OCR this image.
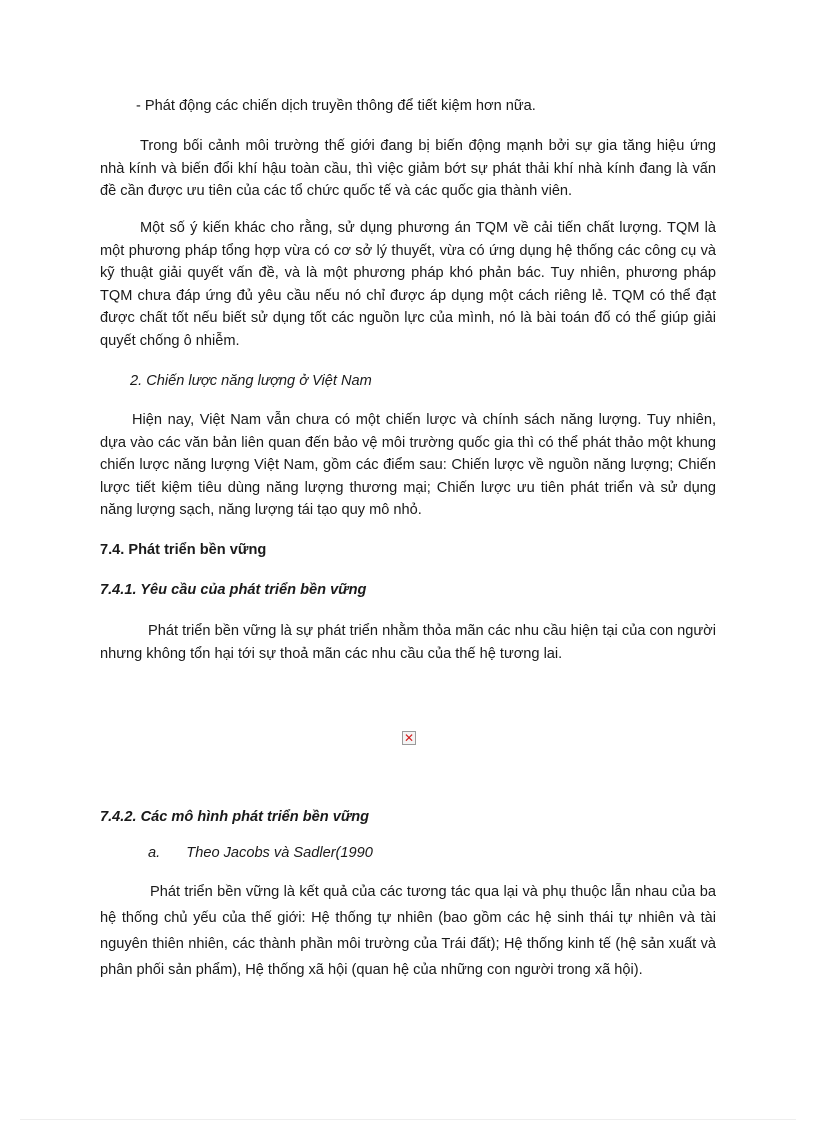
- Phát động các chiến dịch truyền thông để tiết kiệm hơn nữa.

Trong bối cảnh môi trường thế giới đang bị biến động mạnh bởi sự gia tăng hiệu ứng nhà kính và biến đổi khí hậu toàn cầu, thì việc giảm bớt sự phát thải khí nhà kính đang là vấn đề cần được ưu tiên của các tổ chức quốc tế và các quốc gia thành viên.

Một số ý kiến khác cho rằng, sử dụng phương án TQM về cải tiến chất lượng. TQM là một phương pháp tổng hợp vừa có cơ sở lý thuyết, vừa có ứng dụng hệ thống các công cụ và kỹ thuật giải quyết vấn đề, và là một phương pháp khó phản bác. Tuy nhiên, phương pháp TQM chưa đáp ứng đủ yêu cầu nếu nó chỉ được áp dụng một cách riêng lẻ. TQM có thể đạt được chất tốt nếu biết sử dụng tốt các nguồn lực của mình, nó là bài toán đố có thể giúp giải quyết chống ô nhiễm.

2. Chiến lược năng lượng ở Việt Nam

Hiện nay, Việt Nam vẫn chưa có một chiến lược và chính sách năng lượng. Tuy nhiên, dựa vào các văn bản liên quan đến bảo vệ môi trường quốc gia thì có thể phát thảo một khung chiến lược năng lượng Việt Nam, gồm các điểm sau: Chiến lược về nguồn năng lượng; Chiến lược tiết kiệm tiêu dùng năng lượng thương mại; Chiến lược ưu tiên phát triển và sử dụng năng lượng sạch, năng lượng tái tạo quy mô nhỏ.

7.4. Phát triển bền vững

7.4.1. Yêu cầu của phát triển bền vững

Phát triển bền vững là sự phát triển nhằm thỏa mãn các nhu cầu hiện tại của con người nhưng không tổn hại tới sự thoả mãn các nhu cầu của thế hệ tương lai.

✕

7.4.2. Các mô hình phát triển bền vững

a. Theo Jacobs và Sadler(1990

Phát triển bền vững là kết quả của các tương tác qua lại và phụ thuộc lẫn nhau của ba hệ thống chủ yếu của thế giới: Hệ thống tự nhiên (bao gồm các hệ sinh thái tự nhiên và tài nguyên thiên nhiên, các thành phần môi trường của Trái đất); Hệ thống kinh tế (hệ sản xuất và phân phối sản phẩm), Hệ thống xã hội (quan hệ của những con người trong xã hội).
